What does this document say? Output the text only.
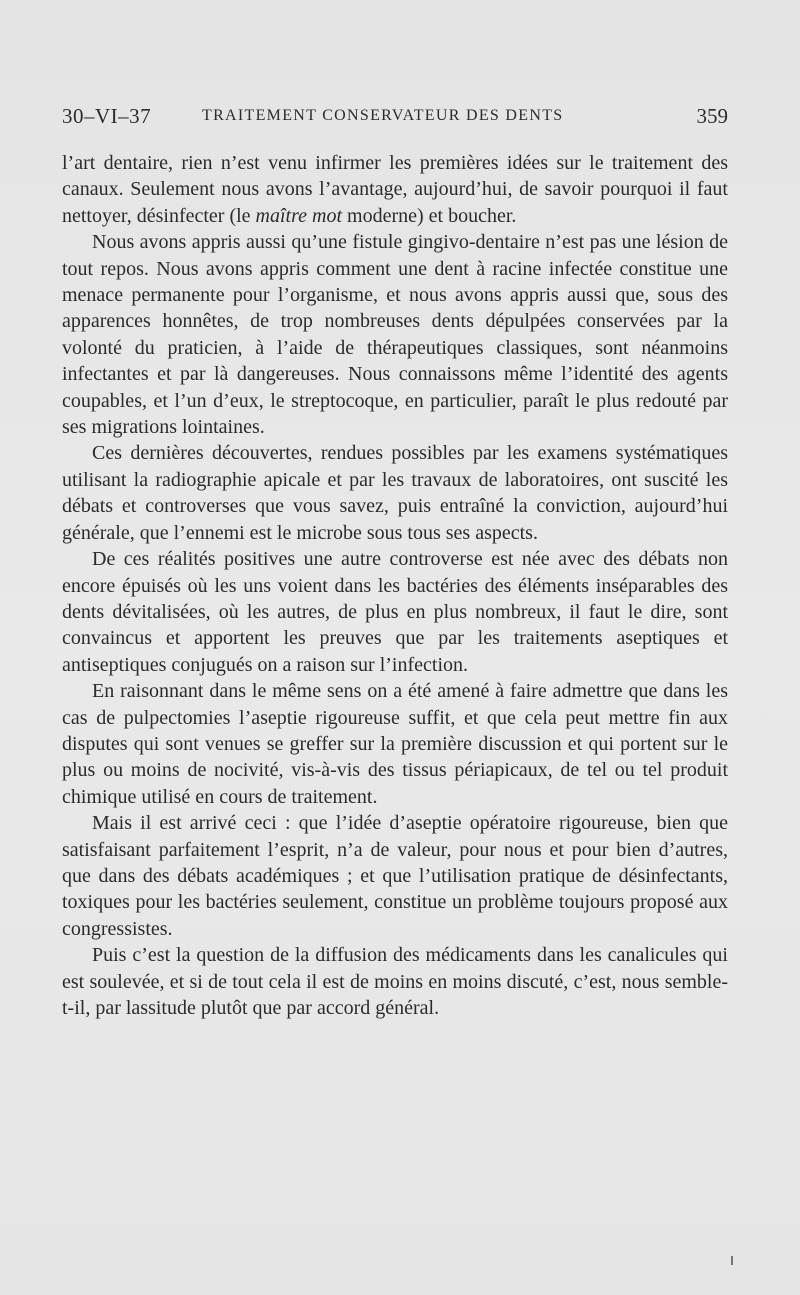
30–VI–37	TRAITEMENT CONSERVATEUR DES DENTS	359

l’art dentaire, rien n’est venu infirmer les premières idées sur le traitement des canaux. Seulement nous avons l’avantage, aujourd’hui, de savoir pourquoi il faut nettoyer, désinfecter (le maître mot moderne) et boucher.

Nous avons appris aussi qu’une fistule gingivo-dentaire n’est pas une lésion de tout repos. Nous avons appris comment une dent à racine infectée constitue une menace permanente pour l’organisme, et nous avons appris aussi que, sous des apparences honnêtes, de trop nombreuses dents dépulpées conservées par la volonté du praticien, à l’aide de thérapeutiques classiques, sont néanmoins infectantes et par là dangereuses. Nous connaissons même l’identité des agents coupables, et l’un d’eux, le streptocoque, en particulier, paraît le plus redouté par ses migrations lointaines.

Ces dernières découvertes, rendues possibles par les examens systématiques utilisant la radiographie apicale et par les travaux de laboratoires, ont suscité les débats et controverses que vous savez, puis entraîné la conviction, aujourd’hui générale, que l’ennemi est le microbe sous tous ses aspects.

De ces réalités positives une autre controverse est née avec des débats non encore épuisés où les uns voient dans les bactéries des éléments inséparables des dents dévitalisées, où les autres, de plus en plus nombreux, il faut le dire, sont convaincus et apportent les preuves que par les traitements aseptiques et antiseptiques conjugués on a raison sur l’infection.

En raisonnant dans le même sens on a été amené à faire admettre que dans les cas de pulpectomies l’aseptie rigoureuse suffit, et que cela peut mettre fin aux disputes qui sont venues se greffer sur la première discussion et qui portent sur le plus ou moins de nocivité, vis-à-vis des tissus périapicaux, de tel ou tel produit chimique utilisé en cours de traitement.

Mais il est arrivé ceci : que l’idée d’aseptie opératoire rigoureuse, bien que satisfaisant parfaitement l’esprit, n’a de valeur, pour nous et pour bien d’autres, que dans des débats académiques ; et que l’utilisation pratique de désinfectants, toxiques pour les bactéries seulement, constitue un problème toujours proposé aux congressistes.

Puis c’est la question de la diffusion des médicaments dans les canalicules qui est soulevée, et si de tout cela il est de moins en moins discuté, c’est, nous semble-t-il, par lassitude plutôt que par accord général.
